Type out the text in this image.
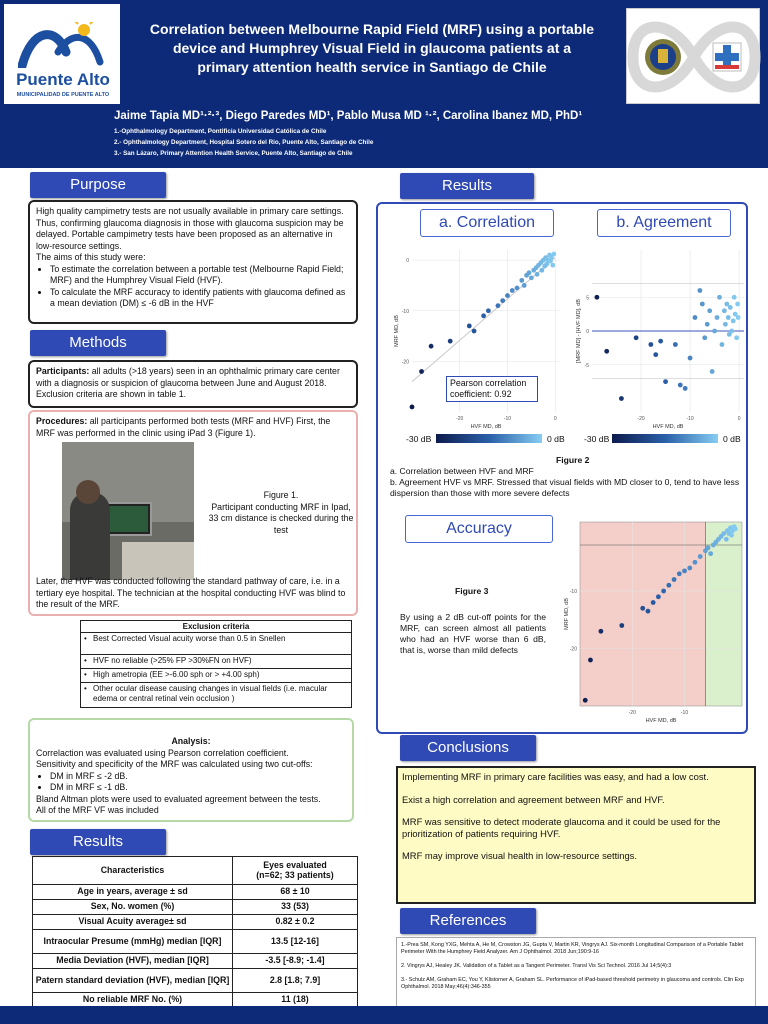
Puente Alto
MUNICIPALIDAD DE PUENTE ALTO
Correlation between Melbourne Rapid Field (MRF) using a portable
device and Humphrey Visual Field in glaucoma patients at a
primary attention health service in Santiago de Chile
Jaime Tapia MD¹·²·³, Diego Paredes MD¹, Pablo Musa MD ¹·², Carolina Ibanez MD, PhD¹
1.-Ophthalmology Department, Pontificia Universidad Católica de Chile
2.- Ophthalmology Department, Hospital Sotero del Rio, Puente Alto, Santiago de Chile
3.- San Lázaro, Primary Attention Health Service, Puente Alto, Santiago de Chile
Purpose
High quality campimetry tests are not usually available in primary care settings. Thus, confirming glaucoma diagnosis in those with glaucoma suspicion may be delayed. Portable campimetry tests have been proposed as an alternative in low-resource settings.
The aims of this study were:
• To estimate the correlation between a portable test (Melbourne Rapid Field; MRF) and the Humphrey Visual Field (HVF).
• To calculate the MRF accuracy to identify patients with glaucoma defined as a mean deviation (DM) ≤ -6 dB in the HVF
Methods
Participants: all adults (>18 years) seen in an ophthalmic primary care center with a diagnosis or suspicion of glaucoma between June and August 2018. Exclusion criteria are shown in table 1.
Procedures: all participants performed both tests (MRF and HVF) First, the MRF was performed in the clinic using iPad 3 (Figure 1).
Figure 1.
Participant conducting MRF in Ipad, 33 cm distance is checked during the test
Later, the HVF was conducted following the standard pathway of care, i.e. in a tertiary eye hospital. The technician at the hospital conducting HVF was blind to the result of the MRF.
Exclusion criteria
• Best Corrected Visual acuity worse than 0.5 in Snellen
• HVF no reliable (>25% FP >30%FN on HVF)
• High ametropia (EE >-6.00 sph or > +4.00 sph)
• Other ocular disease causing changes in visual fields (i.e. macular edema or central retinal vein occlusion )
Analysis:
Correlaction was evaluated using Pearson correlation coefficient.
Sensitivity and specificity of the MRF was calculated using two cut-offs:
• DM in MRF ≤ -2 dB.
• DM in MRF ≤ -1 dB.
Bland Altman plots were used to evaluated agreement between the tests.
All of the MRF VF was included
Results
Characteristics	Eyes evaluated
(n=62; 33 patients)

Age in years, average ± sd	68 ± 10
Sex, No. women (%)	33 (53)
Visual Acuity average± sd	0.82 ± 0.2
Intraocular Presume (mmHg) median [IQR]	13.5 [12-16]
Media Deviation (HVF), median [IQR]	-3.5 [-8.9; -1.4]
Patern standard deviation (HVF), median [IQR]	2.8 [1.8; 7.9]
No reliable MRF No. (%)	11 (18)
Results
a. Correlation	b. Agreement
-20	-10	0
-20
-10
0
HVF MD, dB
MRF MD, dB
-20	-10	0
-5
0
5
HVF MD, dB
[MRF MD] - [HVF MD], dB
Pearson correlation coefficient: 0.92
-30 dB	0 dB -30 dB	0 dB
Figure 2
a. Correlation between HVF and MRF
b. Agreement HVF vs MRF. Stressed that visual fields with MD closer to 0, tend to have less dispersion than those with more severe defects
Accuracy
Figure 3
By using a 2 dB cut-off points for the MRF, can screen almost all patients who had an HVF worse than 6 dB, that is, worse than mild defects
-20	-10
-20
-10
HVF MD, dB
MRF MD, dB
Conclusions

Implementing MRF in primary care facilities was easy, and had a low cost.

Exist a high correlation and agreement between MRF and HVF.

MRF was sensitive to detect moderate glaucoma and it could be used for the prioritization of patients requiring HVF.

MRF may improve visual health in low-resource settings.

References

1.-Prea SM, Kong YXG, Mehta A, He M, Crowston JG, Gupta V, Martin KR, Vingrys AJ. Six-month Longitudinal Comparison of a Portable Tablet Perimeter With the Humphrey Field Analyzer. Am J Ophthalmol. 2018 Jun;190:9-16

2. Vingrys AJ, Healey JK. Validation of a Tablet as a Tangent Perimeter. Transl Vis Sci Technol. 2016 Jul 14;5(4):3

3.- Schulz AM, Graham EC, You Y, Klistorner A, Graham SL. Performance of iPad-based threshold perimetry in glaucoma and controls. Clin Exp Ophthalmol. 2018 May;46(4):346-355
